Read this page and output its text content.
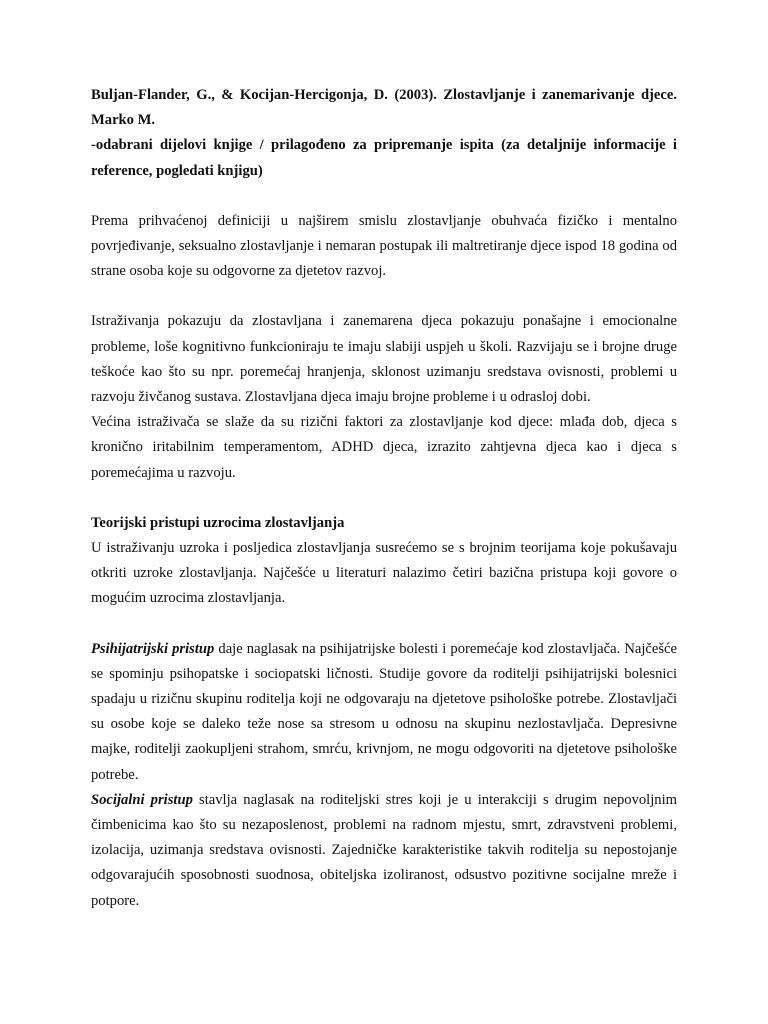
Buljan-Flander, G., & Kocijan-Hercigonja, D. (2003). Zlostavljanje i zanemarivanje djece. Marko M.

-odabrani dijelovi knjige / prilagođeno za pripremanje ispita (za detaljnije informacije i reference, pogledati knjigu)

Prema prihvaćenoj definiciji u najširem smislu zlostavljanje obuhvaća fizičko i mentalno povrjeđivanje, seksualno zlostavljanje i nemaran postupak ili maltretiranje djece ispod 18 godina od strane osoba koje su odgovorne za djetetov razvoj.

Istraživanja pokazuju da zlostavljana i zanemarena djeca pokazuju ponašajne i emocionalne probleme, loše kognitivno funkcioniraju te imaju slabiji uspjeh u školi. Razvijaju se i brojne druge teškoće kao što su npr. poremećaj hranjenja, sklonost uzimanju sredstava ovisnosti, problemi u razvoju živčanog sustava. Zlostavljana djeca imaju brojne probleme i u odrasloj dobi.

Većina istraživača se slaže da su rizični faktori za zlostavljanje kod djece: mlađa dob, djeca s kronično iritabilnim temperamentom, ADHD djeca, izrazito zahtjevna djeca kao i djeca s poremećajima u razvoju.

Teorijski pristupi uzrocima zlostavljanja

U istraživanju uzroka i posljedica zlostavljanja susrećemo se s brojnim teorijama koje pokušavaju otkriti uzroke zlostavljanja. Najčešće u literaturi nalazimo četiri bazična pristupa koji govore o mogućim uzrocima zlostavljanja.

Psihijatrijski pristup daje naglasak na psihijatrijske bolesti i poremećaje kod zlostavljača. Najčešće se spominju psihopatske i sociopatski ličnosti. Studije govore da roditelji psihijatrijski bolesnici spadaju u rizičnu skupinu roditelja koji ne odgovaraju na djetetove psihološke potrebe. Zlostavljači su osobe koje se daleko teže nose sa stresom u odnosu na skupinu nezlostavljača. Depresivne majke, roditelji zaokupljeni strahom, smrću, krivnjom, ne mogu odgovoriti na djetetove psihološke potrebe.

Socijalni pristup stavlja naglasak na roditeljski stres koji je u interakciji s drugim nepovoljnim čimbenicima kao što su nezaposlenost, problemi na radnom mjestu, smrt, zdravstveni problemi, izolacija, uzimanja sredstava ovisnosti. Zajedničke karakteristike takvih roditelja su nepostojanje odgovarajućih sposobnosti suodnosa, obiteljska izoliranost, odsustvo pozitivne socijalne mreže i potpore.
